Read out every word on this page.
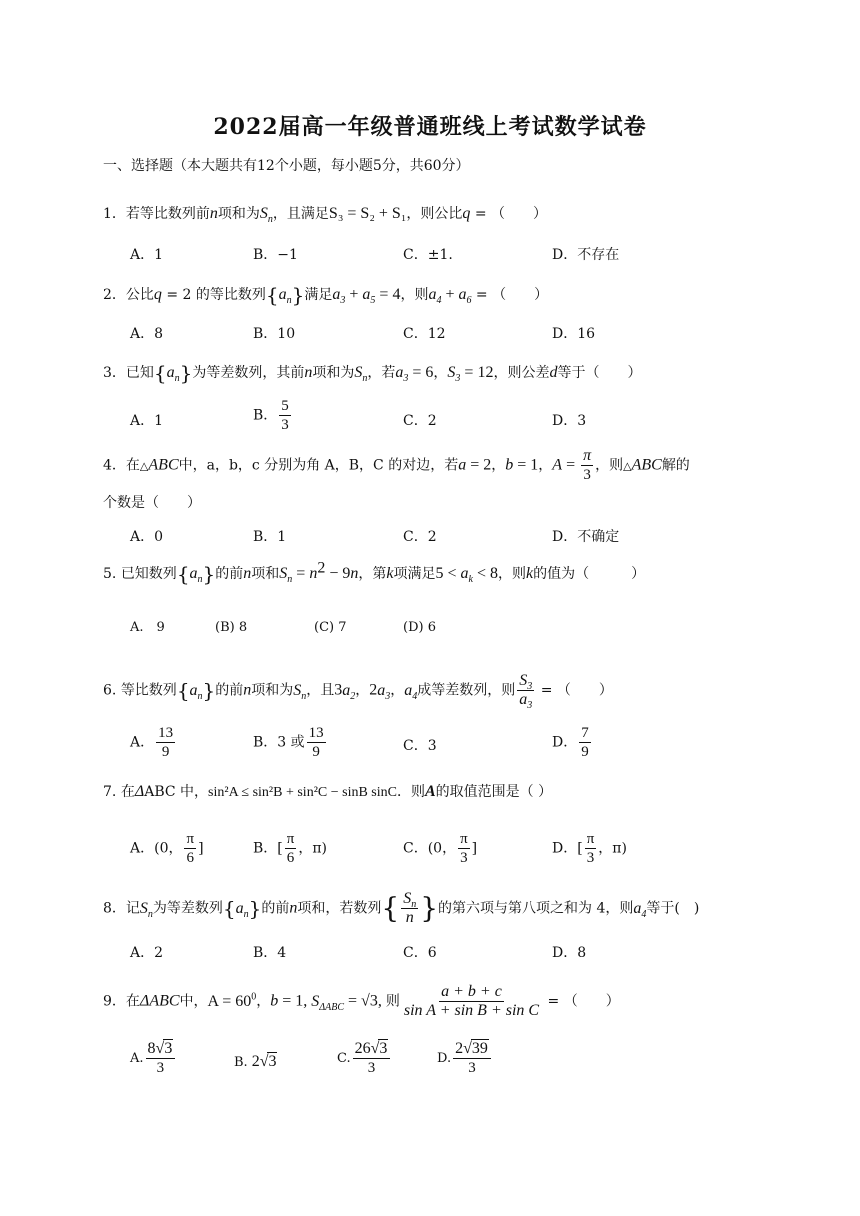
2022届高一年级普通班线上考试数学试卷
一、选择题（本大题共有12个小题，每小题5分，共60分）
1．若等比数列前n项和为$S_n$，且满足S₃ = S₂ + S₁，则公比q = （　　）
A．1	B．−1	C．±1.	D．不存在
2．公比q = 2 的等比数列$\{a_n\}$满足$a_3 + a_5 = 4$，则$a_4 + a_6$ = （　　）
A．8	B．10	C．12	D．16
3．已知$\{a_n\}$为等差数列，其前n项和为$S_n$，若$a_3 = 6$，$S_3 = 12$，则公差d等于（　　）
A．1	B． $\frac{5}{3}$	C．2	D．3
4．在△ABC中，a，b，c 分别为角 A，B，C 的对边，若a = 2，b = 1，$A = \frac{\pi}{3}$ ，则△ABC解的
个数是（　　）
A．0	B．1	C．2	D．不确定
5. 已知数列$\{a_n\}$的前n项和$S_n = n^2 - 9n$，第k项满足$5 < a_k < 8$，则k的值为（　　　）
A.　9	(B) 8	(C) 7	(D) 6
6. 等比数列$\{a_n\}$的前n项和为$S_n$，且$3a_2$，$2a_3$，$a_4$成等差数列，则 $\frac{S_3}{a_3}$ = （　　）
A． $\frac{13}{9}$	B．3 或 $\frac{13}{9}$	C．3	D． $\frac{7}{9}$
7. 在ΔABC 中，sin²A ≤ sin²B + sin²C − sinB sinC．则A的取值范围是（ ）
A．(0， $\frac{\pi}{6}$ ]	B．[ $\frac{\pi}{6}$ ，π)	C．(0， $\frac{\pi}{3}$ ]	D．[ $\frac{\pi}{3}$ ，π)
8．记$S_n$为等差数列$\{a_n\}$的前n项和，若数列{ $\frac{S_n}{n}$ }的第六项与第八项之和为 4，则$a_4$等于(　)
A．2	B．4	C．6	D．8
9．在ΔABC中，$A = 60^0$，b = 1, $S_{\Delta ABC} = √3$, 则 $\frac{a + b + c}{\text{sin A + sin B + sin C}}$ = （　　）
A. $\frac{8√3}{3}$	B. 2√3	C. $\frac{26√3}{3}$	D. $\frac{2√39}{3}$
